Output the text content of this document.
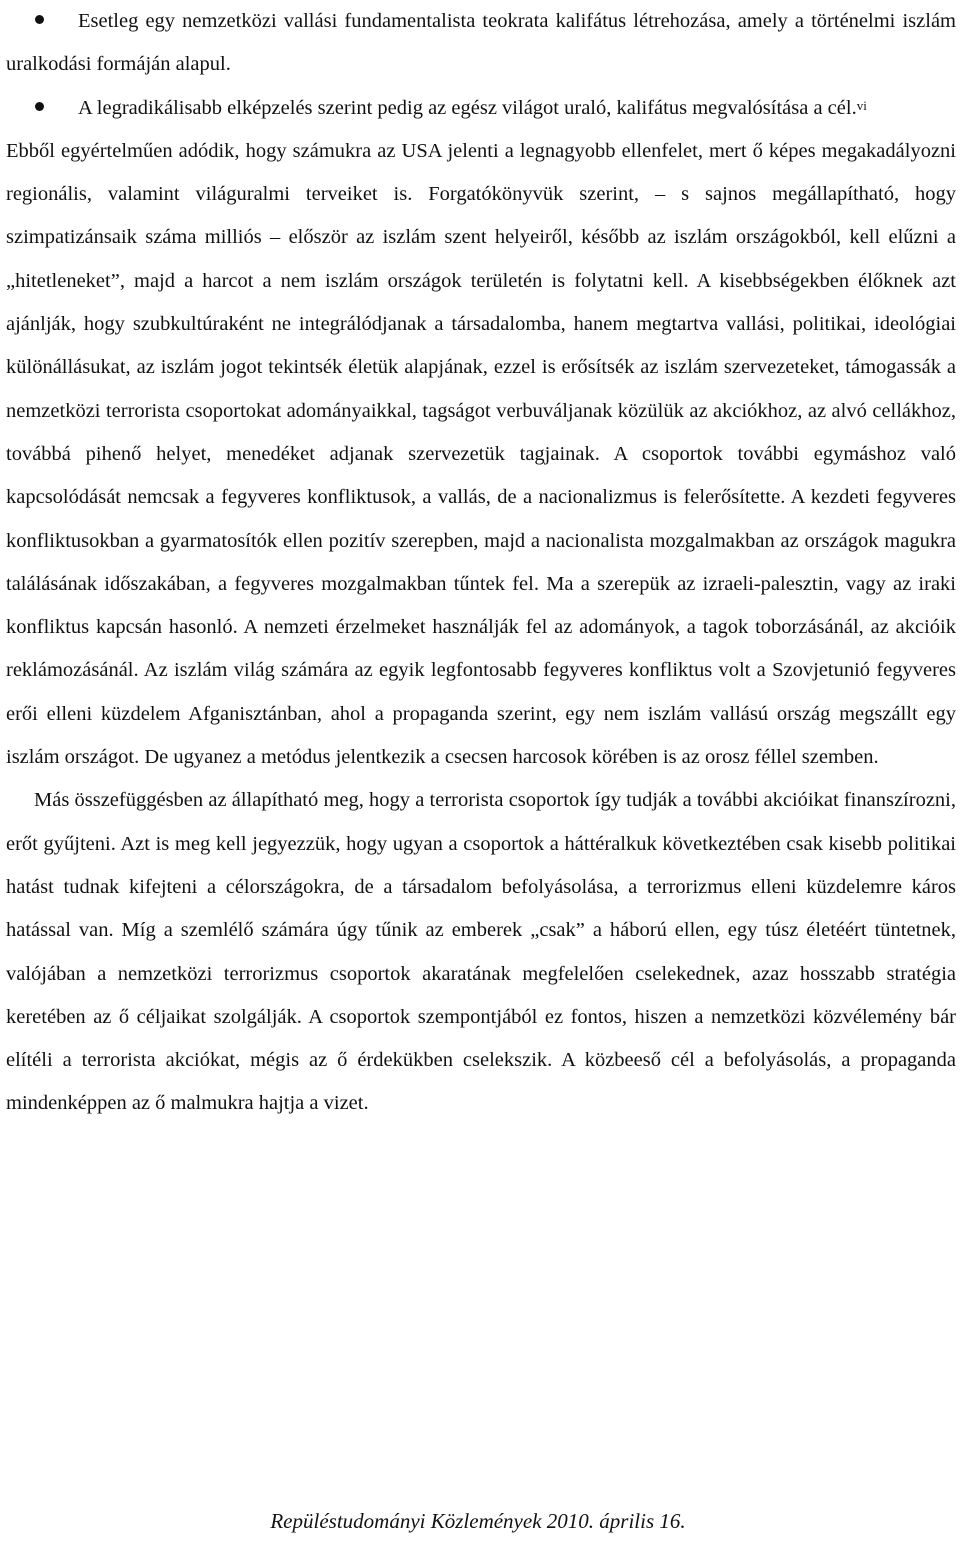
Esetleg egy nemzetközi vallási fundamentalista teokrata kalifátus létrehozása, amely a történelmi iszlám uralkodási formáján alapul.
A legradikálisabb elképzelés szerint pedig az egész világot uraló, kalifátus megvalósítása a cél.$^{vi}$

Ebből egyértelműen adódik, hogy számukra az USA jelenti a legnagyobb ellenfelet, mert ő képes megakadályozni regionális, valamint világuralmi terveiket is. Forgatókönyvük szerint, – s sajnos megállapítható, hogy szimpatizánsaik száma milliós – először az iszlám szent helyeiről, később az iszlám országokból, kell elűzni a „hitetleneket”, majd a harcot a nem iszlám országok területén is folytatni kell. A kisebbségekben élőknek azt ajánlják, hogy szubkultúraként ne integrálódjanak a társadalomba, hanem megtartva vallási, politikai, ideológiai különállásukat, az iszlám jogot tekintsék életük alapjának, ezzel is erősítsék az iszlám szervezeteket, támogassák a nemzetközi terrorista csoportokat adományaikkal, tagságot verbuváljanak közülük az akciókhoz, az alvó cellákhoz, továbbá pihenő helyet, menedéket adjanak szervezetük tagjainak. A csoportok további egymáshoz való kapcsolódását nemcsak a fegyveres konfliktusok, a vallás, de a nacionalizmus is felerősítette. A kezdeti fegyveres konfliktusokban a gyarmatosítók ellen pozitív szerepben, majd a nacionalista mozgalmakban az országok magukra találásának időszakában, a fegyveres mozgalmakban tűntek fel. Ma a szerepük az izraeli-palesztin, vagy az iraki konfliktus kapcsán hasonló. A nemzeti érzelmeket használják fel az adományok, a tagok toborzásánál, az akcióik reklámozásánál. Az iszlám világ számára az egyik legfontosabb fegyveres konfliktus volt a Szovjetunió fegyveres erői elleni küzdelem Afganisztánban, ahol a propaganda szerint, egy nem iszlám vallású ország megszállt egy iszlám országot. De ugyanez a metódus jelentkezik a csecsen harcosok körében is az orosz féllel szemben.

Más összefüggésben az állapítható meg, hogy a terrorista csoportok így tudják a további akcióikat finanszírozni, erőt gyűjteni. Azt is meg kell jegyezzük, hogy ugyan a csoportok a háttéralkuk következtében csak kisebb politikai hatást tudnak kifejteni a célországokra, de a társadalom befolyásolása, a terrorizmus elleni küzdelemre káros hatással van. Míg a szemlélő számára úgy tűnik az emberek „csak” a háború ellen, egy túsz életéért tüntetnek, valójában a nemzetközi terrorizmus csoportok akaratának megfelelően cselekednek, azaz hosszabb stratégia keretében az ő céljaikat szolgálják. A csoportok szempontjából ez fontos, hiszen a nemzetközi közvélemény bár elítéli a terrorista akciókat, mégis az ő érdekükben cselekszik. A közbeeső cél a befolyásolás, a propaganda mindenképpen az ő malmukra hajtja a vizet.

Repüléstudományi Közlemények 2010. április 16.
